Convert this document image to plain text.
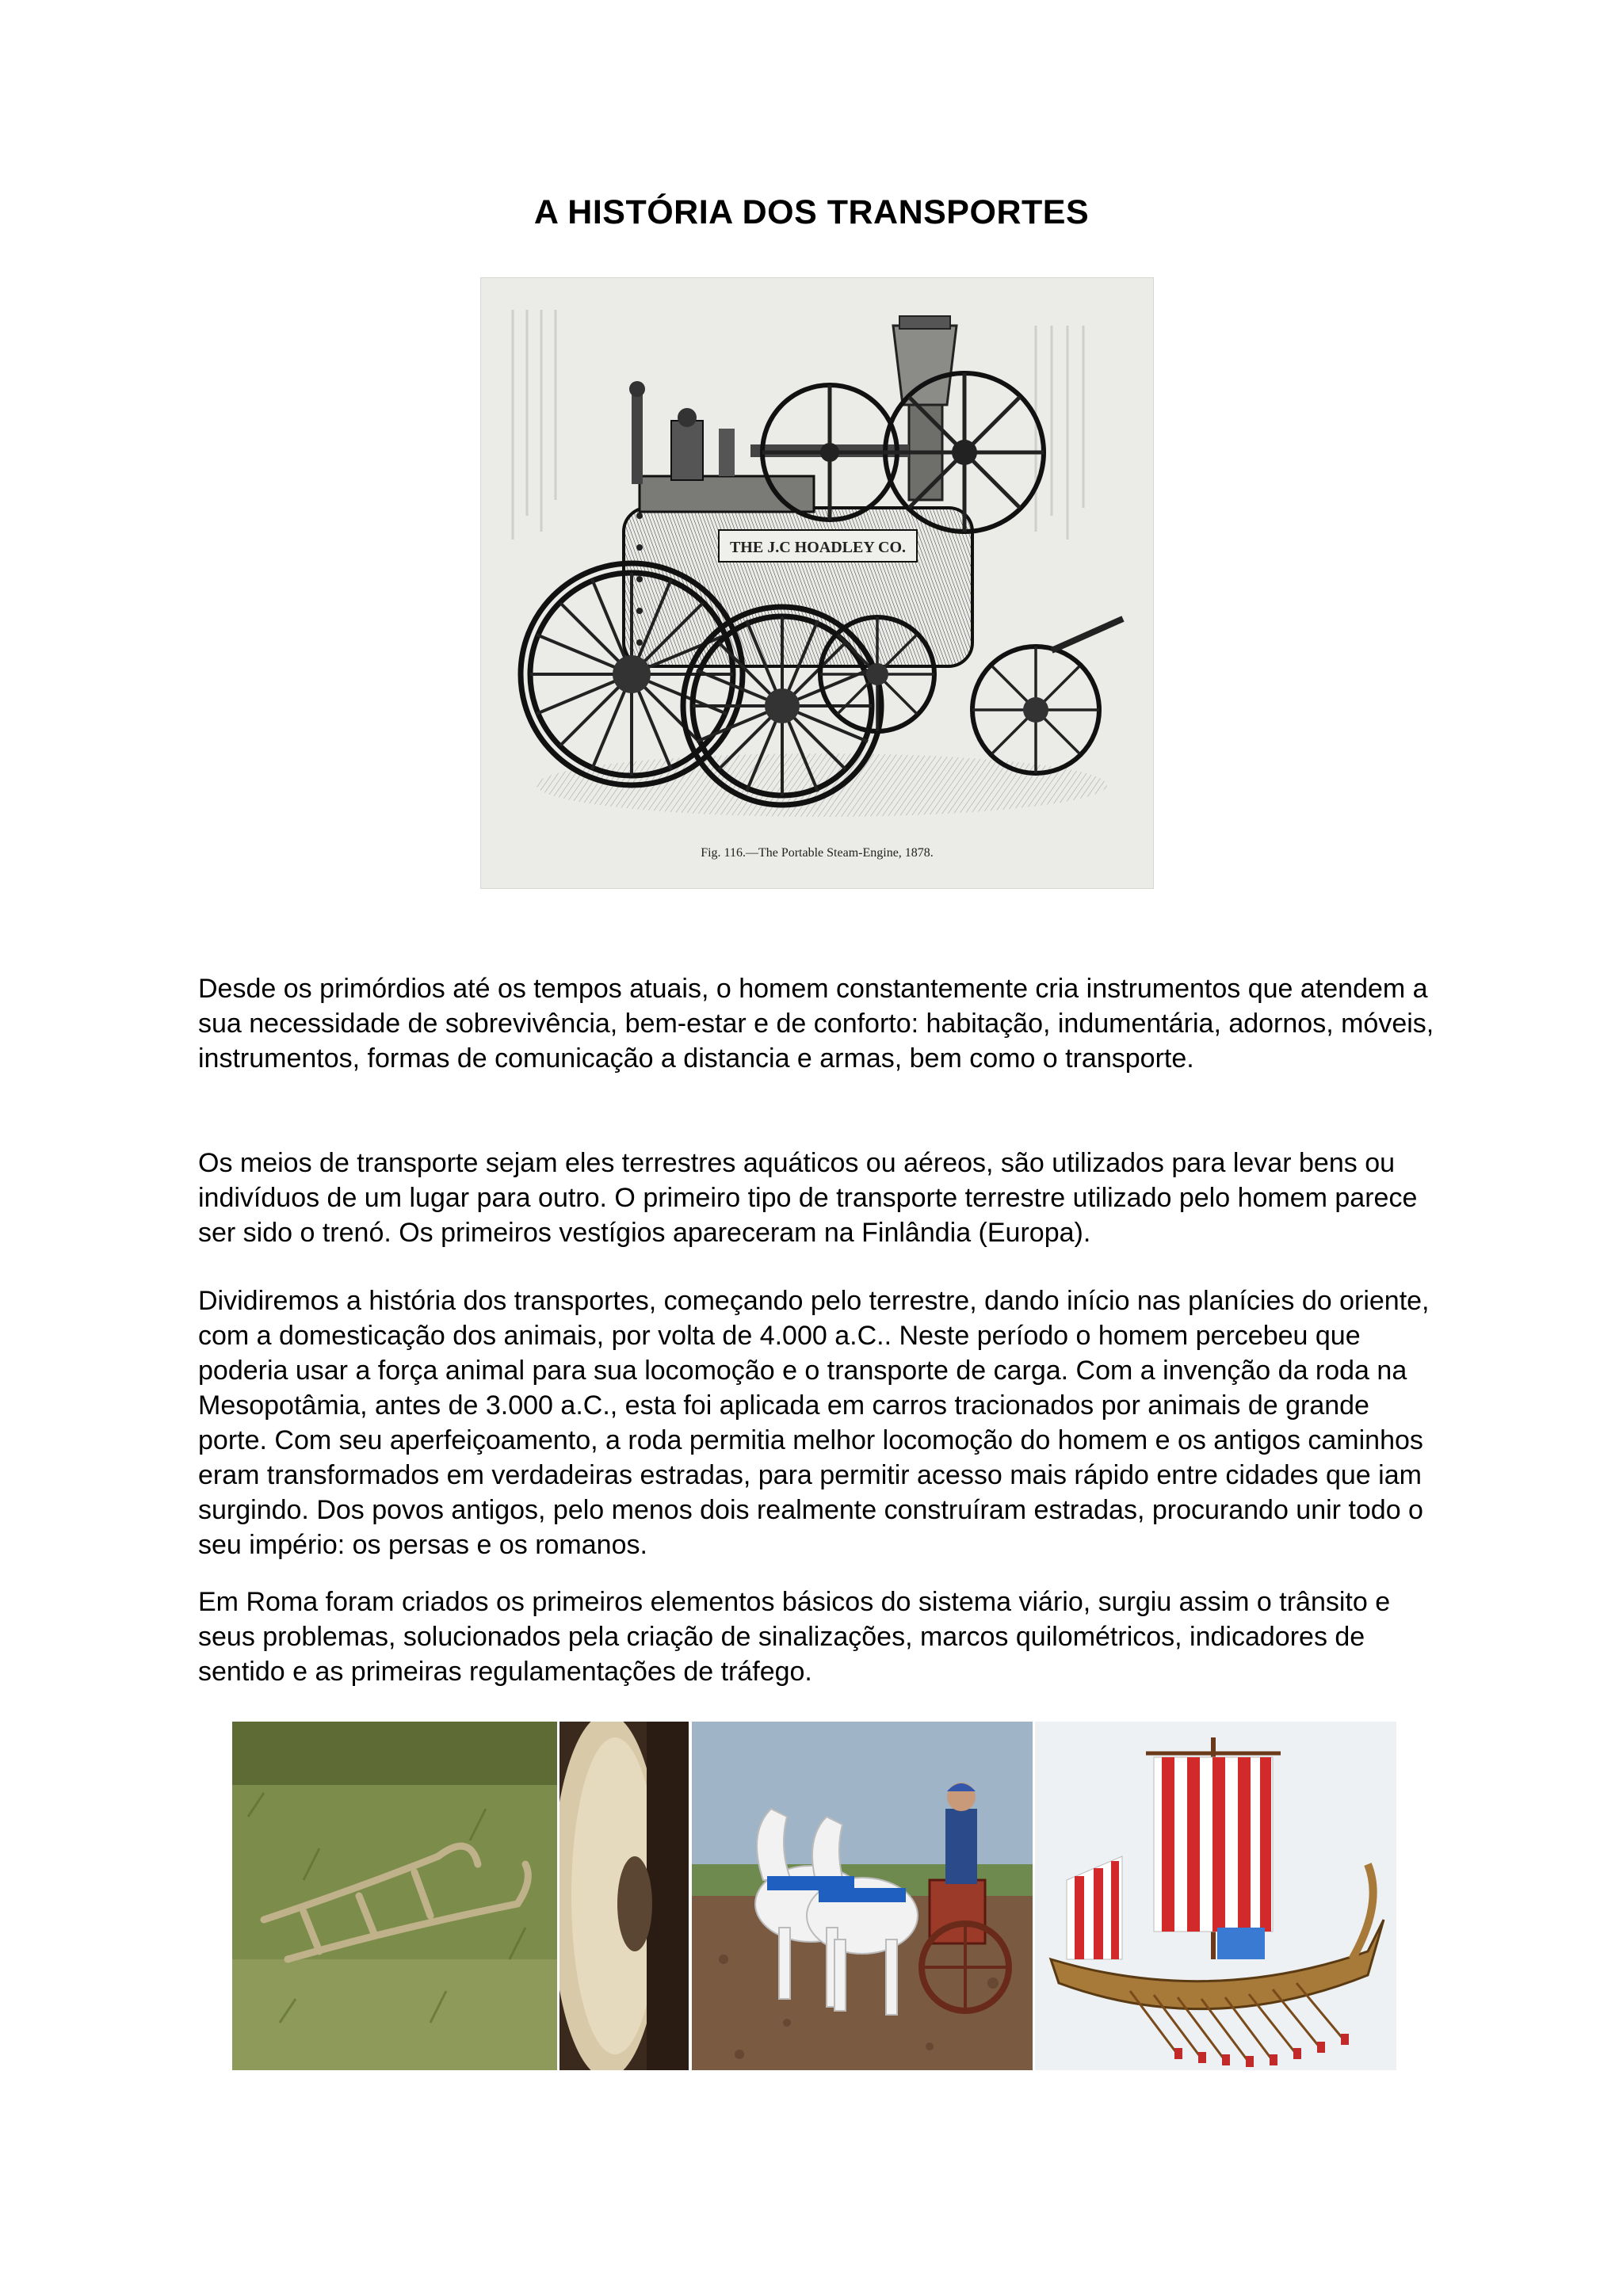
A HISTÓRIA DOS TRANSPORTES
THE J.C HOADLEY CO.
Fig. 116.—The Portable Steam-Engine, 1878.

Desde os primórdios até os tempos atuais, o homem constantemente cria instrumentos que atendem a sua necessidade de sobrevivência, bem-estar e de conforto: habitação, indumentária, adornos, móveis, instrumentos, formas de comunicação a distancia e armas, bem como o transporte.

Os meios de transporte sejam eles terrestres aquáticos ou aéreos, são utilizados para levar bens ou indivíduos de um lugar para outro. O primeiro tipo de transporte terrestre utilizado pelo homem parece ser sido o trenó. Os primeiros vestígios apareceram na Finlândia (Europa).

Dividiremos a história dos transportes, começando pelo terrestre, dando início nas planícies do oriente, com a domesticação dos animais, por volta de 4.000 a.C.. Neste período o homem percebeu que poderia usar a força animal para sua locomoção e o transporte de carga. Com a invenção da roda na Mesopotâmia, antes de 3.000 a.C., esta foi aplicada em carros tracionados por animais de grande porte. Com seu aperfeiçoamento, a roda permitia melhor locomoção do homem e os antigos caminhos eram transformados em verdadeiras estradas, para permitir acesso mais rápido entre cidades que iam surgindo. Dos povos antigos, pelo menos dois realmente construíram estradas, procurando unir todo o seu império: os persas e os romanos.

Em Roma foram criados os primeiros elementos básicos do sistema viário, surgiu assim o trânsito e seus problemas, solucionados pela criação de sinalizações, marcos quilométricos, indicadores de sentido e as primeiras regulamentações de tráfego.
